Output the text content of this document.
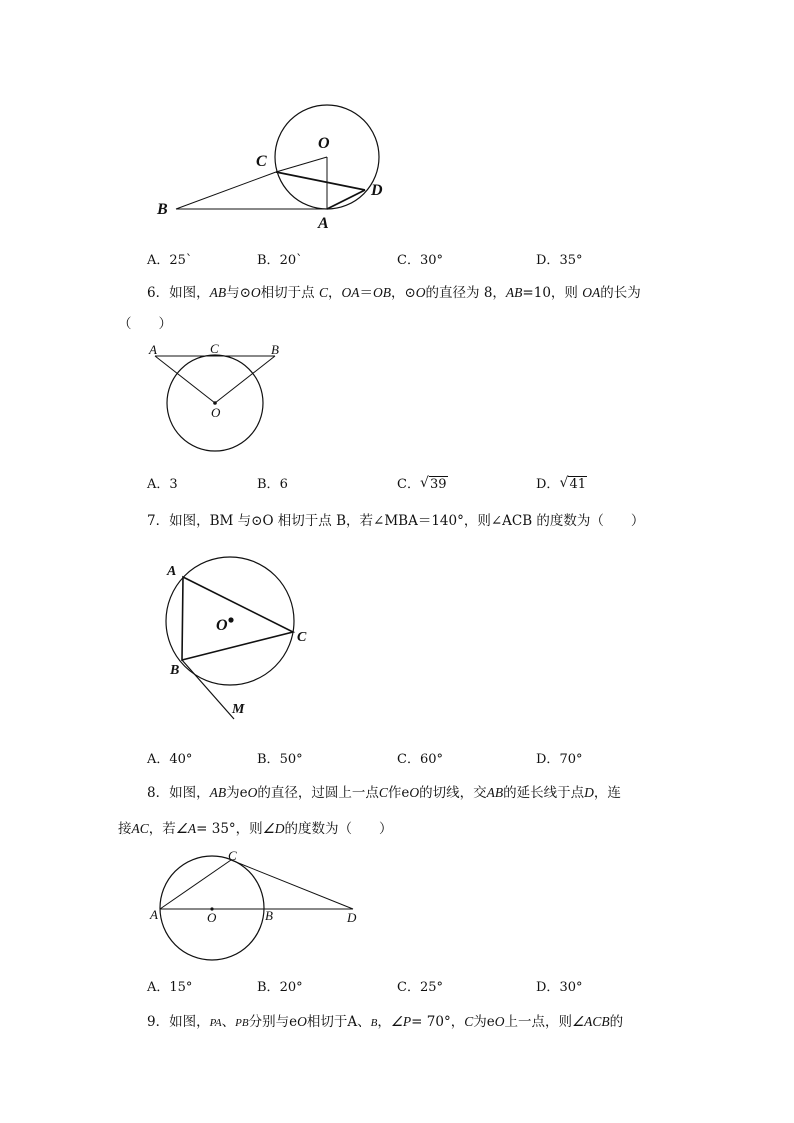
O
C
D
B
A
A．25`	B．20`	C．30°	D．35°
6．如图，AB与⊙O相切于点 C，OA＝OB，⊙O的直径为 8，AB=10，则 OA的长为
（　　）
A	C	B
O
A．3	B．6	C． √ 39	D． √ 41
7．如图，BM 与⊙O 相切于点 B，若∠MBA＝140°，则∠ACB 的度数为（　　）
A
O
C
B
M
A．40°	B．50°	C．60°	D．70°
8．如图，AB为eO的直径，过圆上一点C作eO的切线，交AB的延长线于点D，连
接AC，若∠A= 35°，则∠D的度数为（　　）
C
A	O	B	D
A．15°	B．20°	C．25°	D．30°
9．如图，PA、PB分别与eO相切于A、B，∠P= 70°，C为eO上一点，则∠ACB的
